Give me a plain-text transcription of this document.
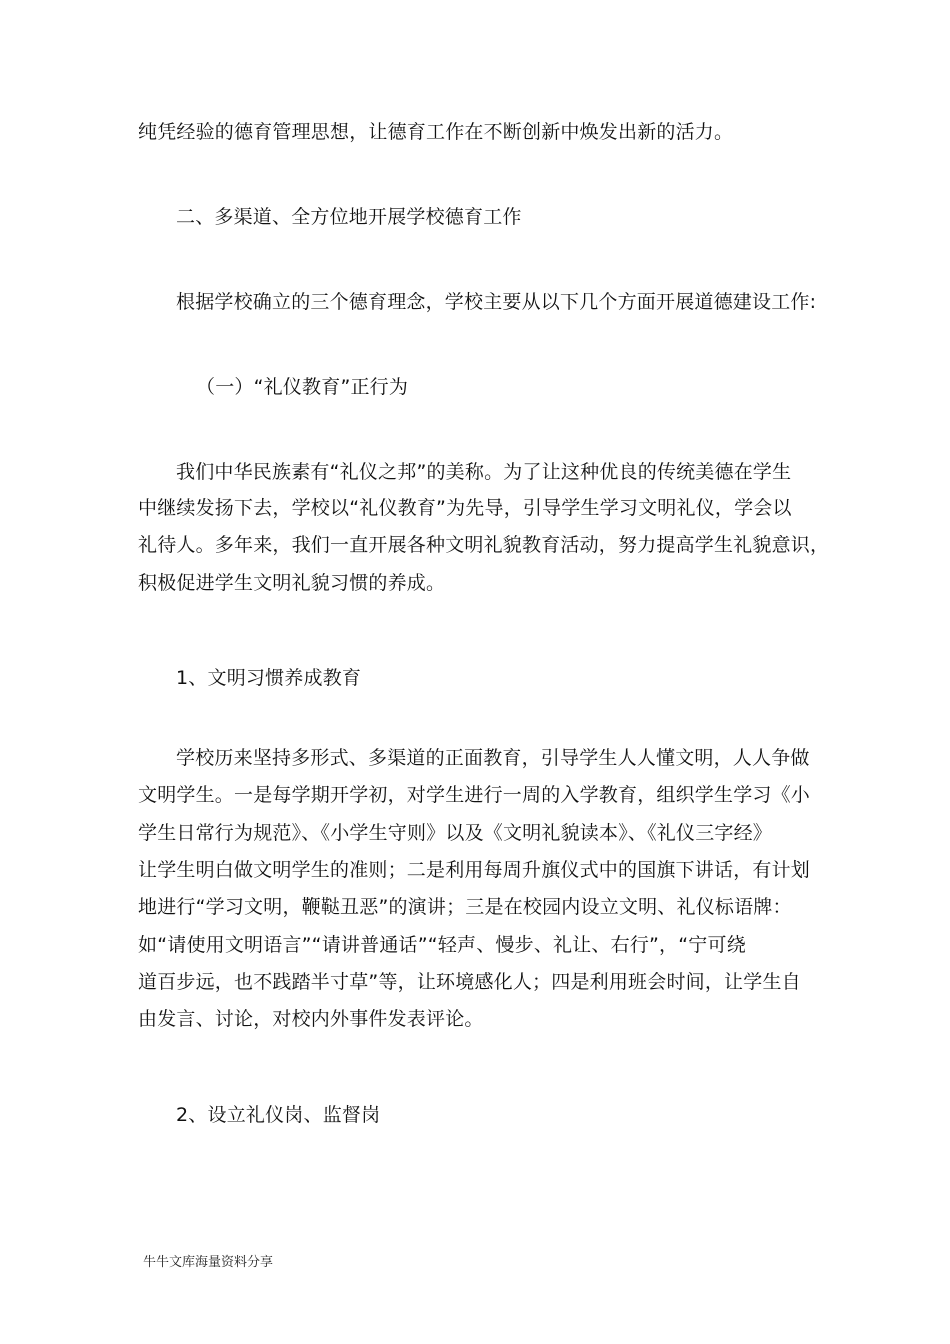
纯凭经验的德育管理思想，让德育工作在不断创新中焕发出新的活力。
二、多渠道、全方位地开展学校德育工作
根据学校确立的三个德育理念，学校主要从以下几个方面开展道德建设工作:
（一）“礼仪教育”正行为
我们中华民族素有“礼仪之邦”的美称。为了让这种优良的传统美德在学生
中继续发扬下去，学校以“礼仪教育”为先导，引导学生学习文明礼仪，学会以
礼待人。多年来，我们一直开展各种文明礼貌教育活动，努力提高学生礼貌意识，
积极促进学生文明礼貌习惯的养成。
1、文明习惯养成教育
学校历来坚持多形式、多渠道的正面教育，引导学生人人懂文明，人人争做
文明学生。一是每学期开学初，对学生进行一周的入学教育，组织学生学习《小
学生日常行为规范》、《小学生守则》以及《文明礼貌读本》、《礼仪三字经》
让学生明白做文明学生的准则；二是利用每周升旗仪式中的国旗下讲话，有计划
地进行“学习文明，鞭鞑丑恶”的演讲；三是在校园内设立文明、礼仪标语牌：
如“请使用文明语言”“请讲普通话”“轻声、慢步、礼让、右行”，“宁可绕
道百步远，也不践踏半寸草”等，让环境感化人；四是利用班会时间，让学生自
由发言、讨论，对校内外事件发表评论。
2、设立礼仪岗、监督岗
牛牛文库海量资料分享
